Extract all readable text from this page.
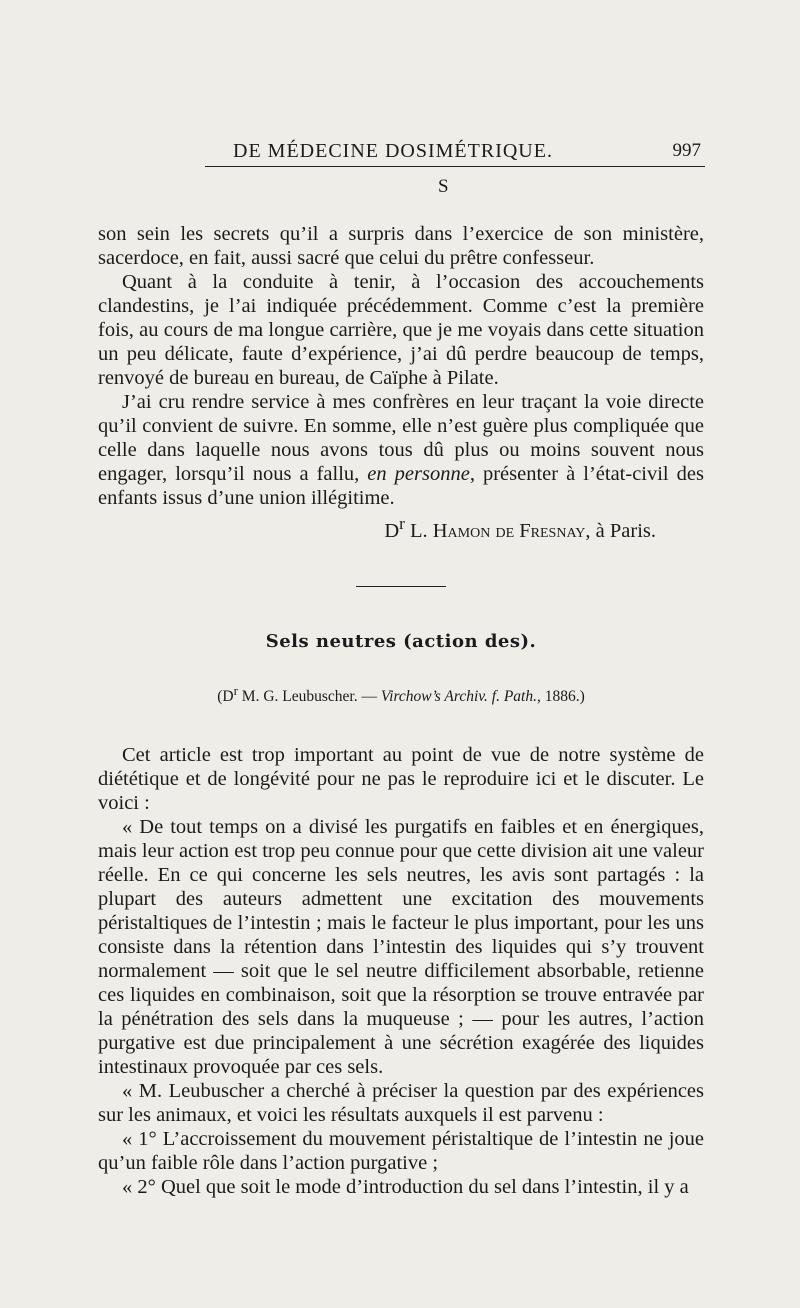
DE MÉDECINE DOSIMÉTRIQUE.	997
S

son sein les secrets qu’il a surpris dans l’exercice de son ministère, sacerdoce, en fait, aussi sacré que celui du prêtre confesseur.

Quant à la conduite à tenir, à l’occasion des accouchements clandestins, je l’ai indiquée précédemment. Comme c’est la première fois, au cours de ma longue carrière, que je me voyais dans cette situation un peu délicate, faute d’expérience, j’ai dû perdre beaucoup de temps, renvoyé de bureau en bureau, de Caïphe à Pilate.

J’ai cru rendre service à mes confrères en leur traçant la voie directe qu’il convient de suivre. En somme, elle n’est guère plus compliquée que celle dans laquelle nous avons tous dû plus ou moins souvent nous engager, lorsqu’il nous a fallu, en personne, présenter à l’état-civil des enfants issus d’une union illégitime.

$D^r$ L. Hamon de Fresnay, à Paris.

Sels neutres (action des).

($D^r$ M. G. Leubuscher. — Virchow’s Archiv. f. Path., 1886.)

Cet article est trop important au point de vue de notre système de diététique et de longévité pour ne pas le reproduire ici et le discuter. Le voici :

« De tout temps on a divisé les purgatifs en faibles et en énergiques, mais leur action est trop peu connue pour que cette division ait une valeur réelle. En ce qui concerne les sels neutres, les avis sont partagés : la plupart des auteurs admettent une excitation des mouvements péristaltiques de l’intestin ; mais le facteur le plus important, pour les uns consiste dans la rétention dans l’intestin des liquides qui s’y trouvent normalement — soit que le sel neutre difficilement absorbable, retienne ces liquides en combinaison, soit que la résorption se trouve entravée par la pénétration des sels dans la muqueuse ; — pour les autres, l’action purgative est due principalement à une sécrétion exagérée des liquides intestinaux provoquée par ces sels.

« M. Leubuscher a cherché à préciser la question par des expériences sur les animaux, et voici les résultats auxquels il est parvenu :

« 1° L’accroissement du mouvement péristaltique de l’intestin ne joue qu’un faible rôle dans l’action purgative ;

« 2° Quel que soit le mode d’introduction du sel dans l’intestin, il y a
